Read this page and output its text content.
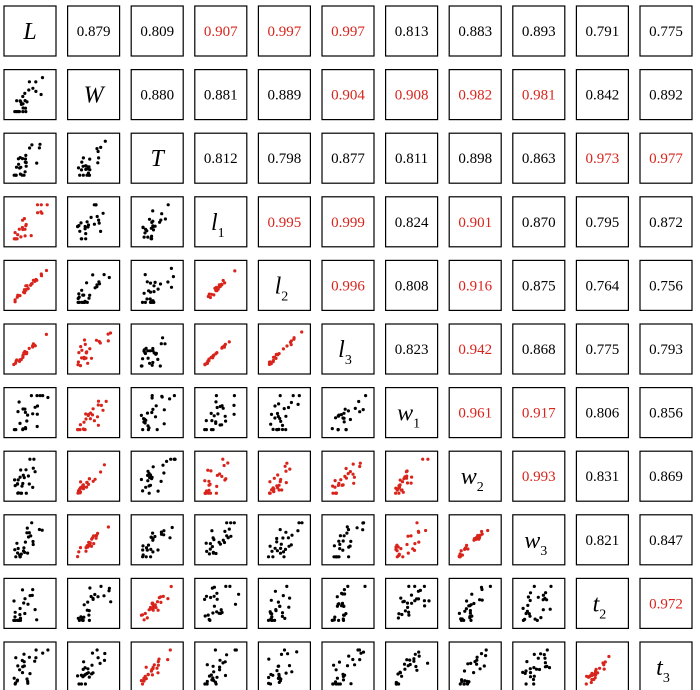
L	0.879 0.809 0.907 0.997 0.997 0.813 0.883 0.893 0.791 0.775
W 0.880 0.881 0.889 0.904 0.908 0.982 0.981 0.842 0.892
T	0.812 0.798 0.877 0.811 0.898 0.863 0.973 0.977
$l_1$
0.995 0.999 0.824 0.901 0.870 0.795 0.872
$l_2$
0.996 0.808 0.916 0.875 0.764 0.756
$l_3$
0.823 0.942 0.868 0.775 0.793
$w_1$
0.961 0.917 0.806 0.856
$w_2$
0.993 0.831 0.869
$w_3$
0.821 0.847
$t_2$
0.972
$t_3$
